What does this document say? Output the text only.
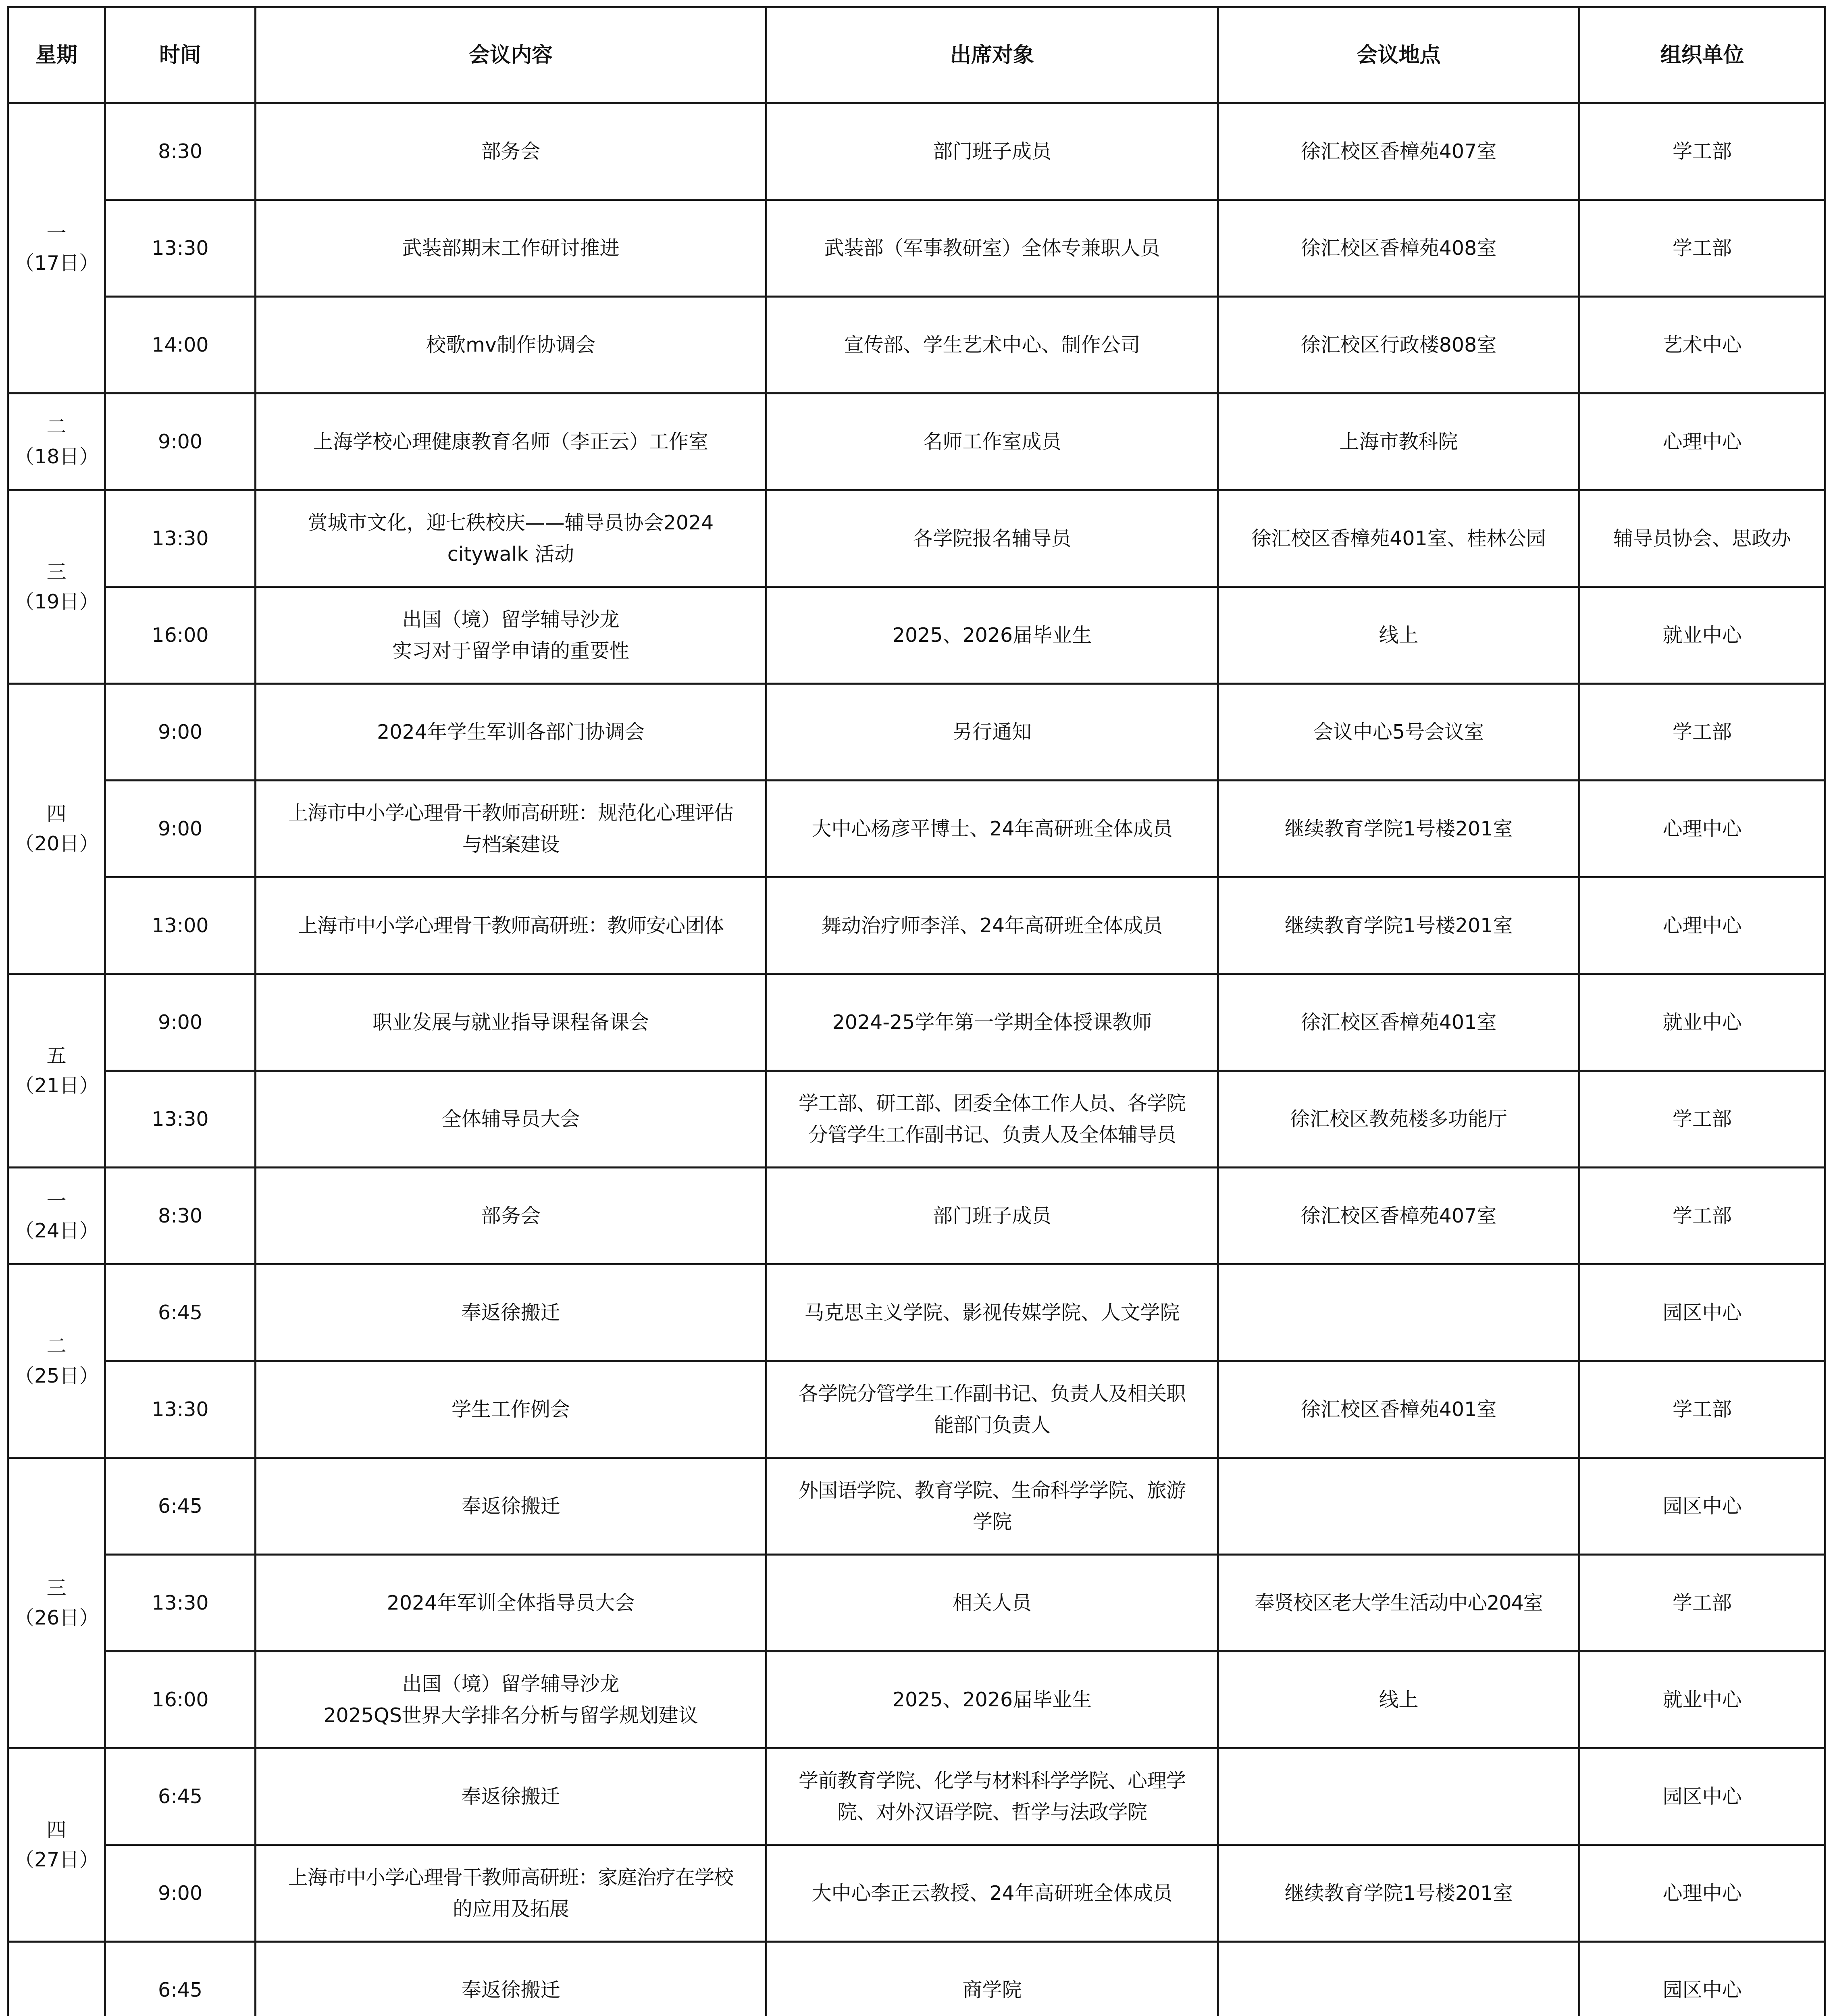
星期	时间	会议内容	出席对象	会议地点	组织单位
一
（17日）	8:30	部务会	部门班子成员	徐汇校区香樟苑407室	学工部
	13:30	武装部期末工作研讨推进	武装部（军事教研室）全体专兼职人员	徐汇校区香樟苑408室	学工部
	14:00	校歌mv制作协调会	宣传部、学生艺术中心、制作公司	徐汇校区行政楼808室	艺术中心
二
（18日）	9:00	上海学校心理健康教育名师（李正云）工作室	名师工作室成员	上海市教科院	心理中心
三
（19日）	13:30	赏城市文化，迎七秩校庆——辅导员协会2024
citywalk 活动	各学院报名辅导员	徐汇校区香樟苑401室、桂林公园	辅导员协会、思政办
	16:00	出国（境）留学辅导沙龙
实习对于留学申请的重要性	2025、2026届毕业生	线上	就业中心
四
（20日）	9:00	2024年学生军训各部门协调会	另行通知	会议中心5号会议室	学工部
	9:00	上海市中小学心理骨干教师高研班：规范化心理评估
与档案建设	大中心杨彦平博士、24年高研班全体成员	继续教育学院1号楼201室	心理中心
	13:00	上海市中小学心理骨干教师高研班：教师安心团体	舞动治疗师李洋、24年高研班全体成员	继续教育学院1号楼201室	心理中心
五
（21日）	9:00	职业发展与就业指导课程备课会	2024-25学年第一学期全体授课教师	徐汇校区香樟苑401室	就业中心
	13:30	全体辅导员大会	学工部、研工部、团委全体工作人员、各学院
分管学生工作副书记、负责人及全体辅导员	徐汇校区教苑楼多功能厅	学工部
一
（24日）	8:30	部务会	部门班子成员	徐汇校区香樟苑407室	学工部
二
（25日）	6:45	奉返徐搬迁	马克思主义学院、影视传媒学院、人文学院		园区中心
	13:30	学生工作例会	各学院分管学生工作副书记、负责人及相关职
能部门负责人	徐汇校区香樟苑401室	学工部
三
（26日）	6:45	奉返徐搬迁	外国语学院、教育学院、生命科学学院、旅游
学院		园区中心
	13:30	2024年军训全体指导员大会	相关人员	奉贤校区老大学生活动中心204室	学工部
	16:00	出国（境）留学辅导沙龙
2025QS世界大学排名分析与留学规划建议	2025、2026届毕业生	线上	就业中心
四
（27日）	6:45	奉返徐搬迁	学前教育学院、化学与材料科学学院、心理学
院、对外汉语学院、哲学与法政学院		园区中心
	9:00	上海市中小学心理骨干教师高研班：家庭治疗在学校
的应用及拓展	大中心李正云教授、24年高研班全体成员	继续教育学院1号楼201室	心理中心
	6:45	奉返徐搬迁	商学院		园区中心
